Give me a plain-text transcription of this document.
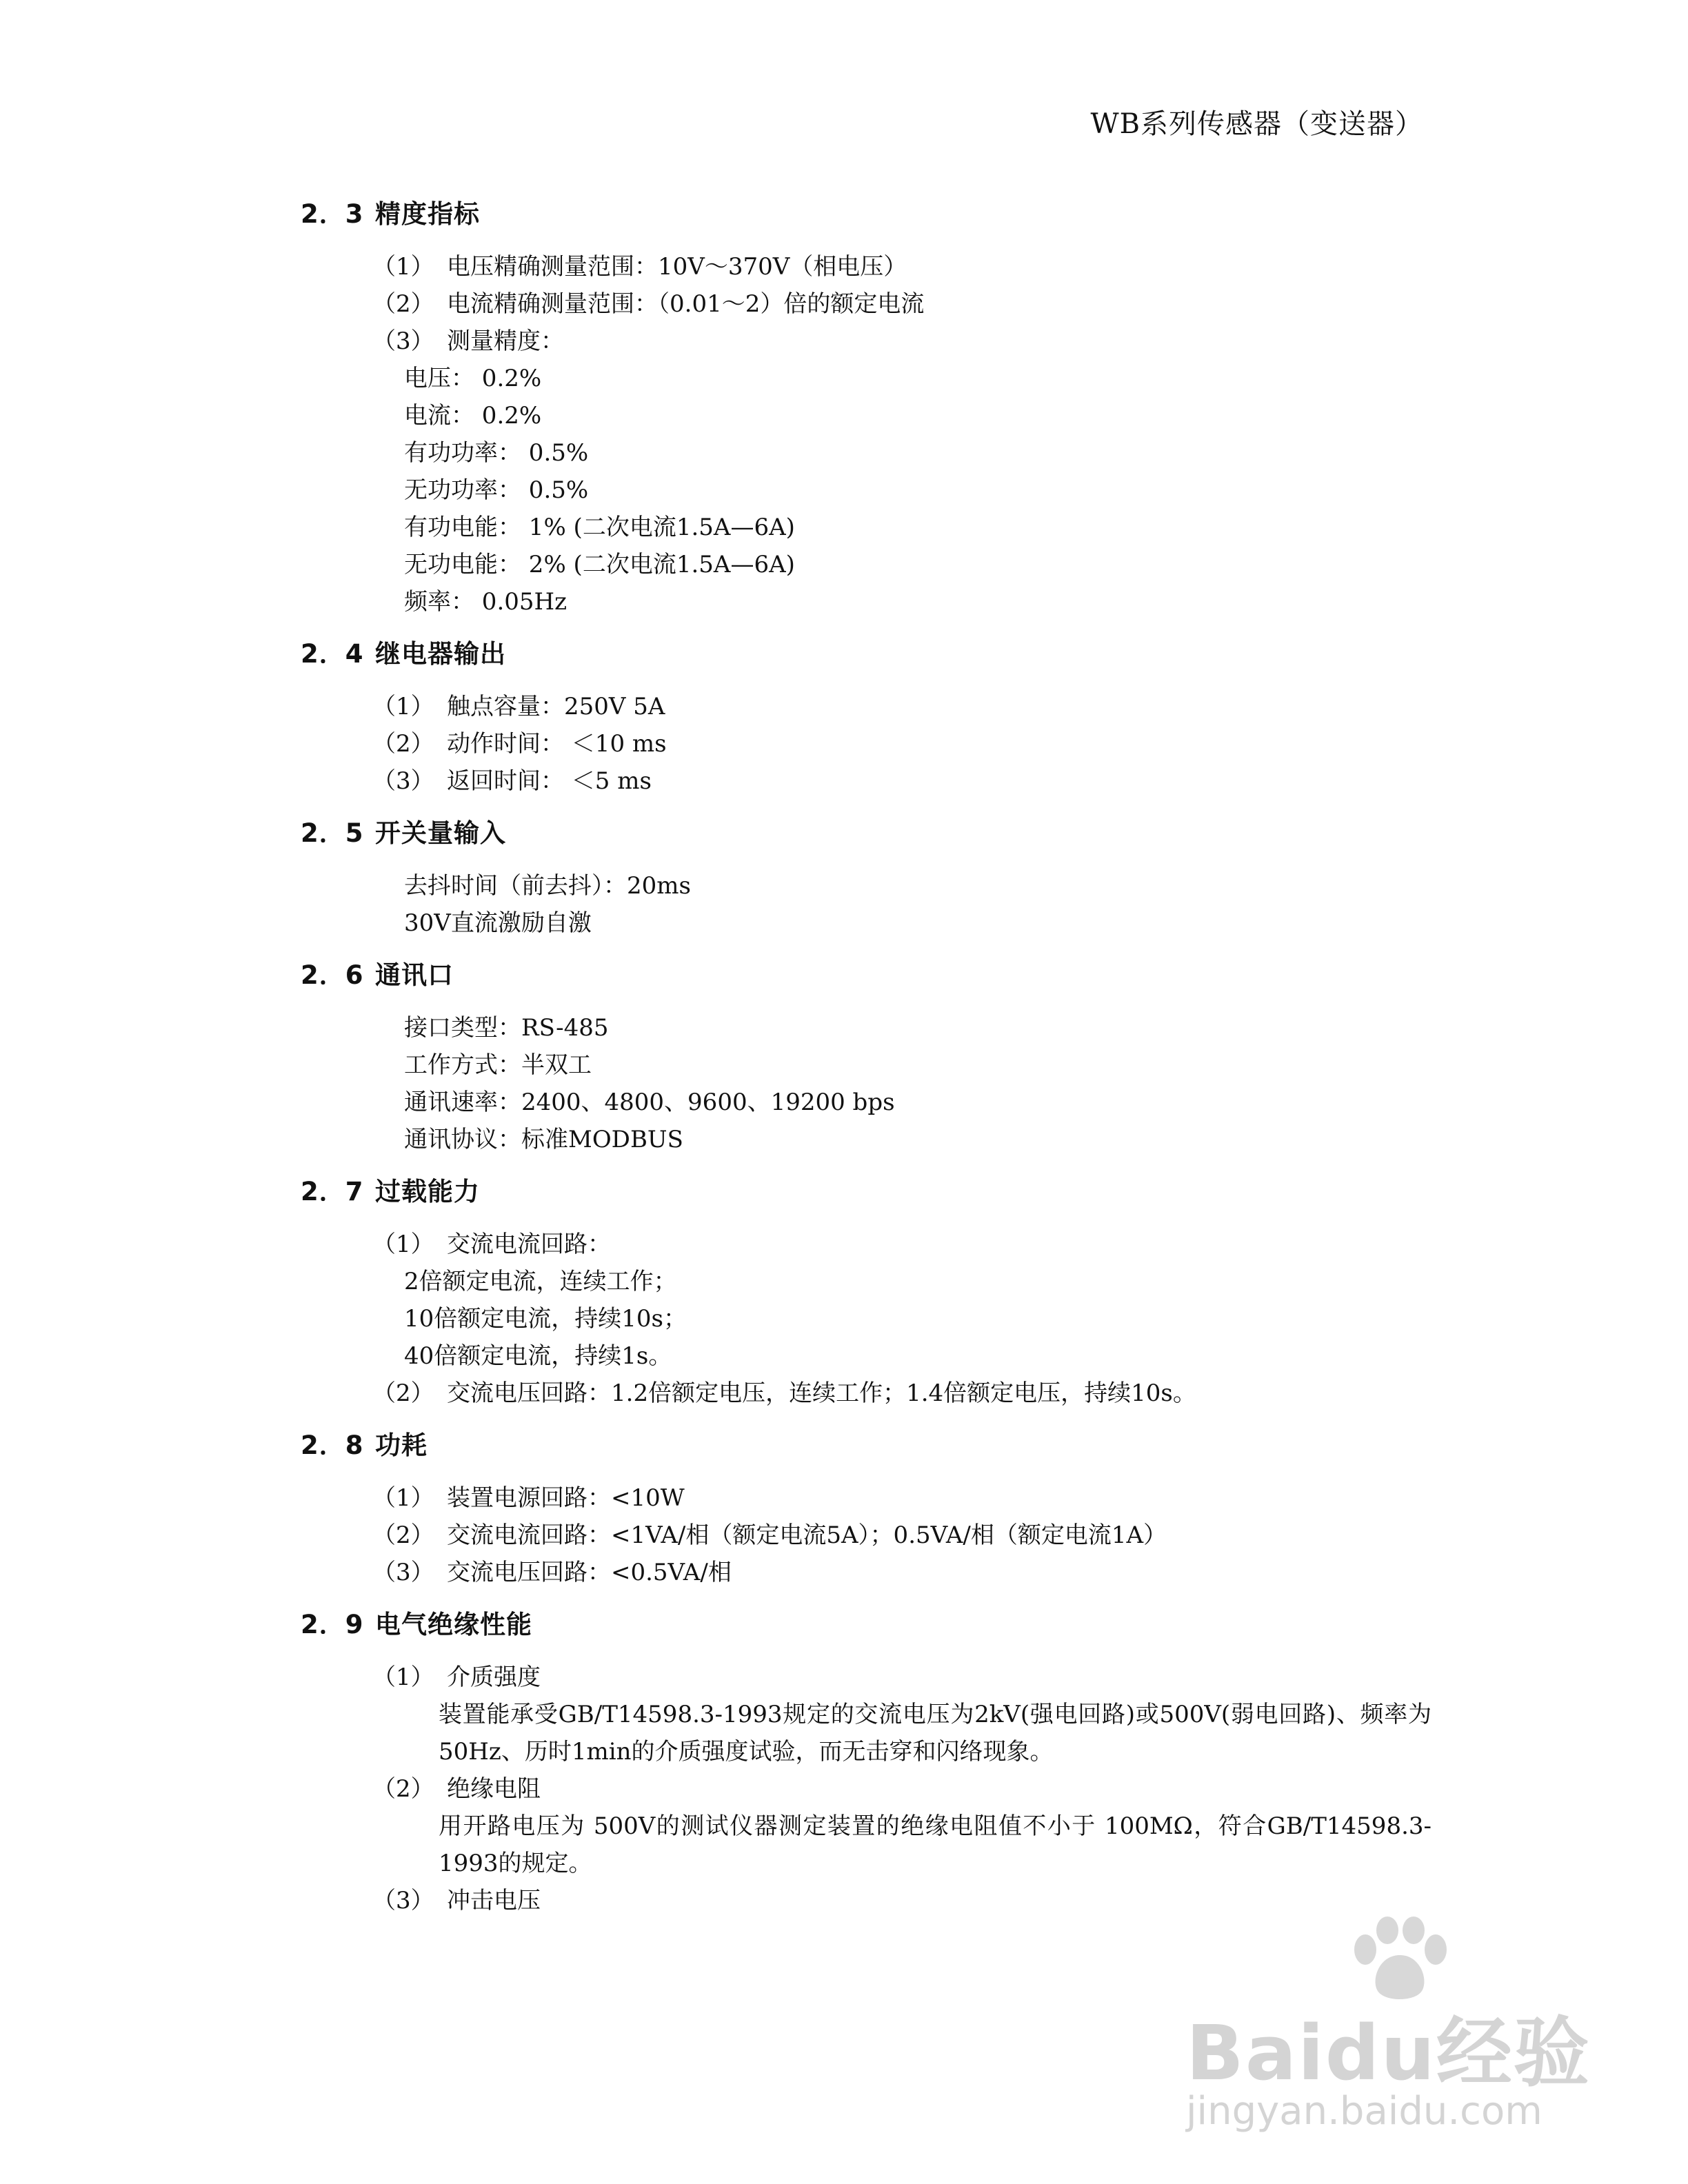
WB系列传感器（变送器）
2．3 精度指标
（1） 电压精确测量范围：10V～370V（相电压）
（2） 电流精确测量范围：（0.01～2）倍的额定电流
（3） 测量精度：
电压： 0.2%
电流： 0.2%
有功功率： 0.5%
无功功率： 0.5%
有功电能： 1% (二次电流1.5A—6A)
无功电能： 2% (二次电流1.5A—6A)
频率： 0.05Hz
2．4 继电器输出
（1） 触点容量：250V 5A
（2） 动作时间： ＜10 ms
（3） 返回时间： ＜5 ms
2．5 开关量输入
去抖时间（前去抖）：20ms
30V直流激励自激
2．6 通讯口
接口类型：RS-485
工作方式：半双工
通讯速率：2400、4800、9600、19200 bps
通讯协议：标准MODBUS
2．7 过载能力
（1） 交流电流回路：
2倍额定电流，连续工作；
10倍额定电流，持续10s；
40倍额定电流，持续1s。
（2） 交流电压回路：1.2倍额定电压，连续工作；1.4倍额定电压，持续10s。
2．8 功耗
（1） 装置电源回路：<10W
（2） 交流电流回路：<1VA/相（额定电流5A）；0.5VA/相（额定电流1A）
（3） 交流电压回路：<0.5VA/相
2．9 电气绝缘性能
（1） 介质强度
装置能承受GB/T14598.3-1993规定的交流电压为2kV(强电回路)或500V(弱电回路)、频率为50Hz、历时1min的介质强度试验，而无击穿和闪络现象。
（2） 绝缘电阻
用开路电压为 500V的测试仪器测定装置的绝缘电阻值不小于 100MΩ，符合GB/T14598.3-1993的规定。
（3） 冲击电压
Baidu经验
jingyan.baidu.com
